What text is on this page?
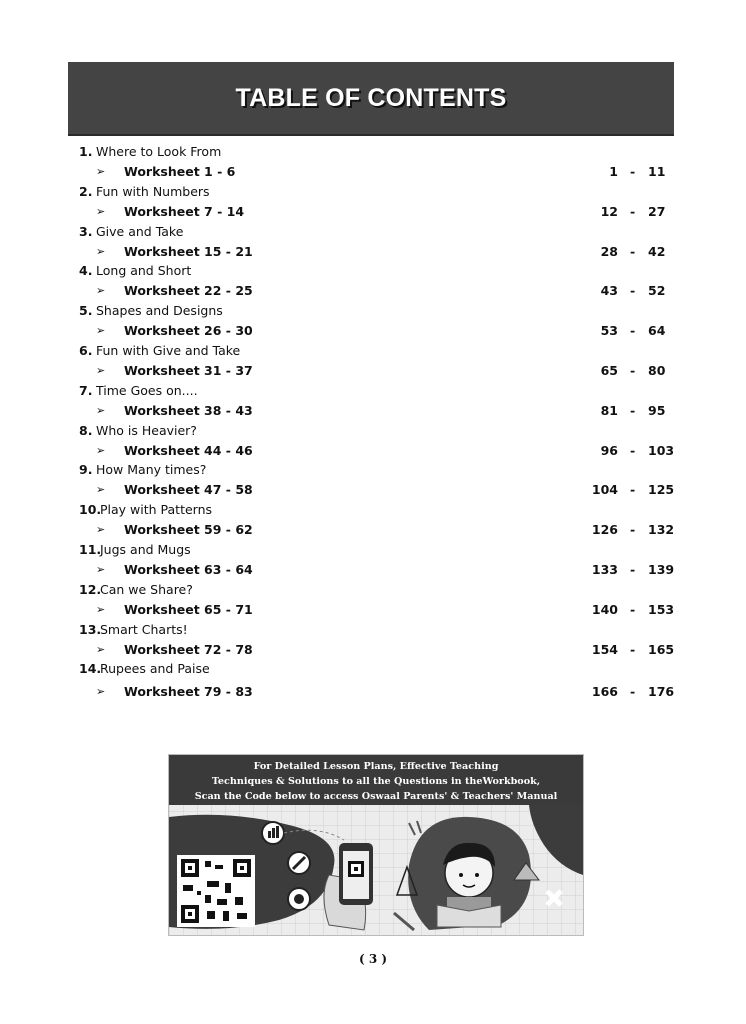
TABLE OF CONTENTS
1. Where to Look From
➢ Worksheet 1 - 6	1 - 11
2. Fun with Numbers
➢ Worksheet 7 - 14	12 - 27
3. Give and Take
➢ Worksheet 15 - 21	28 - 42
4. Long and Short
➢ Worksheet 22 - 25	43 - 52
5. Shapes and Designs
➢ Worksheet 26 - 30	53 - 64
6. Fun with Give and Take
➢ Worksheet 31 - 37	65 - 80
7. Time Goes on....
➢ Worksheet 38 - 43	81 - 95
8. Who is Heavier?
➢ Worksheet 44 - 46	96 - 103
9. How Many times?
➢ Worksheet 47 - 58	104 - 125
10.
Play with Patterns
➢ Worksheet 59 - 62	126 - 132
11.
Jugs and Mugs
➢ Worksheet 63 - 64	133 - 139
12.
Can we Share?
➢ Worksheet 65 - 71	140 - 153
13.
Smart Charts!
➢ Worksheet 72 - 78	154 - 165
14.
Rupees and Paise
➢ Worksheet 79 - 83	166 - 176
For Detailed Lesson Plans, Effective Teaching
Techniques & Solutions to all the Questions in theWorkbook,
Scan the Code below to access Oswaal Parents' & Teachers' Manual
( 3 )
